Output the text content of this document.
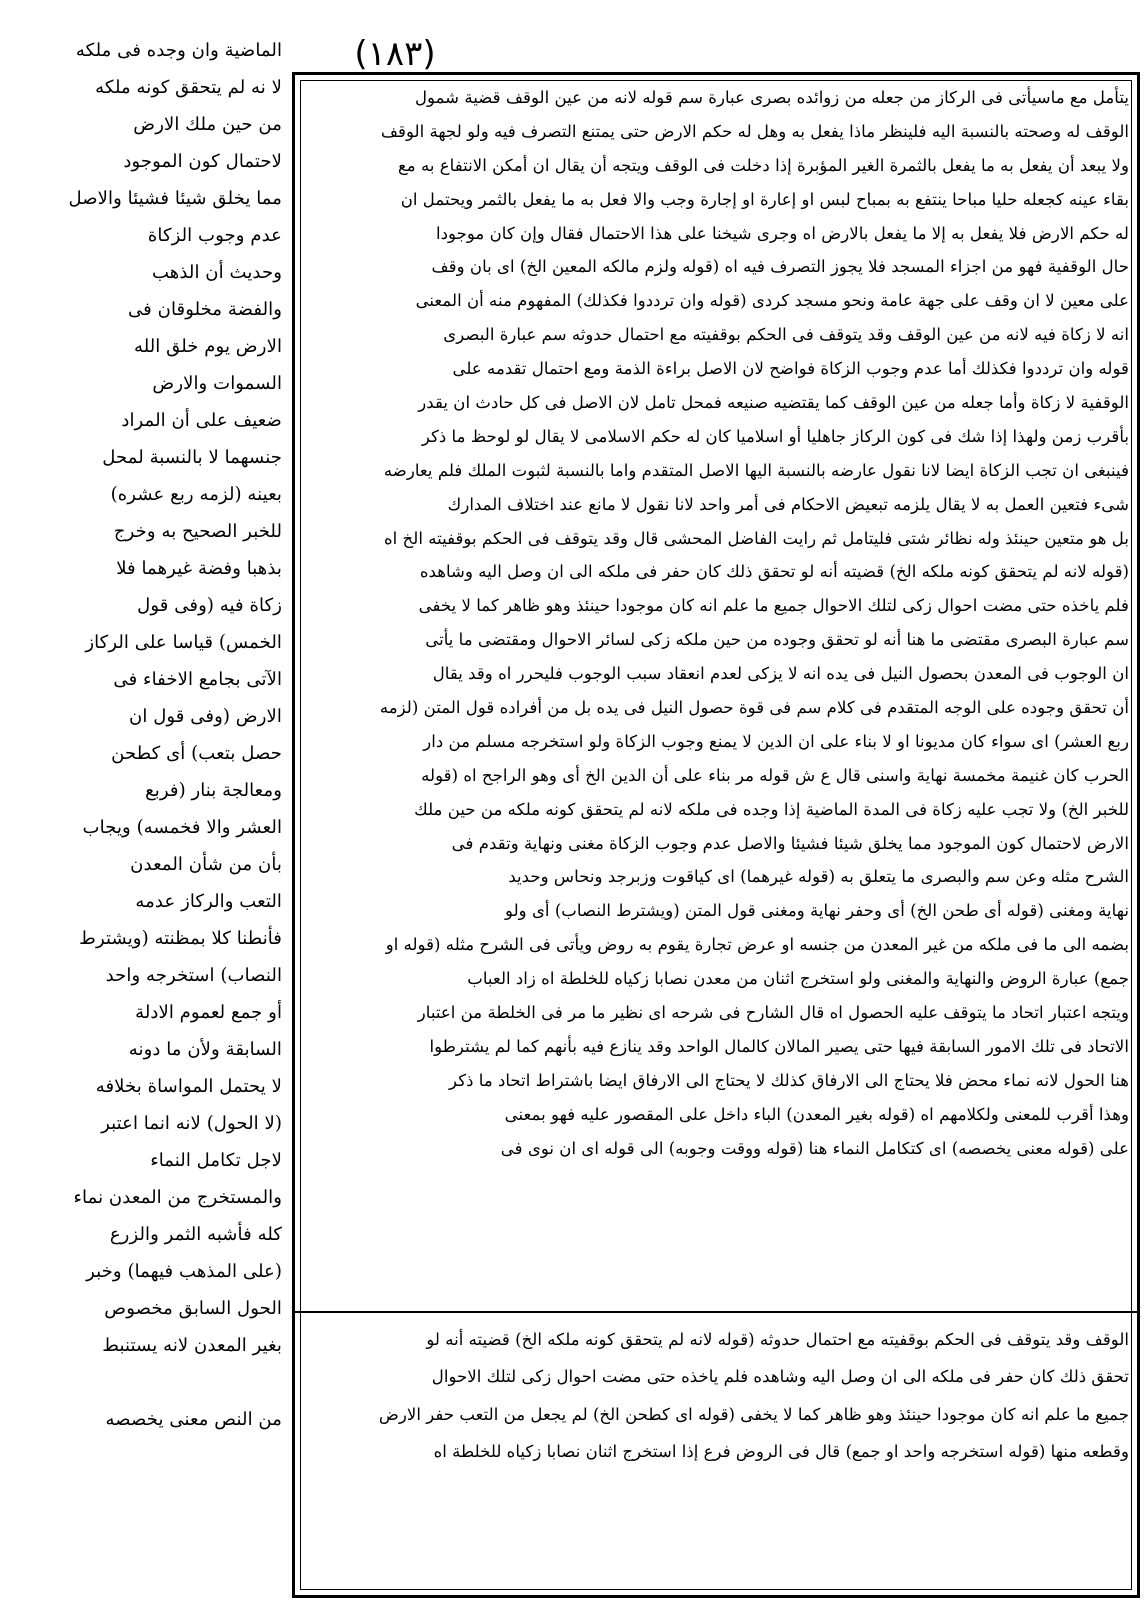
(١٨٣)
الماضية وان وجده فى ملكه
لا نه لم يتحقق كونه ملكه
من حين ملك الارض
لاحتمال كون الموجود
مما يخلق شيئا فشيئا والاصل
عدم وجوب الزكاة
وحديث أن الذهب
والفضة مخلوقان فى
الارض يوم خلق الله
السموات والارض
ضعيف على أن المراد
جنسهما لا بالنسبة لمحل
بعينه (لزمه ربع عشره)
للخبر الصحيح به وخرج
بذهبا وفضة غيرهما فلا
زكاة فيه (وفى قول
الخمس) قياسا على الركاز
الآتى بجامع الاخفاء فى
الارض (وفى قول ان
حصل بتعب) أى كطحن
ومعالجة بنار (فربع
العشر والا فخمسه) ويجاب
بأن من شأن المعدن
التعب والركاز عدمه
فأنطنا كلا بمظنته (ويشترط
النصاب) استخرجه واحد
أو جمع لعموم الادلة
السابقة ولأن ما دونه
لا يحتمل المواساة بخلافه
(لا الحول) لانه انما اعتبر
لاجل تكامل النماء
والمستخرج من المعدن نماء
كله فأشبه الثمر والزرع
(على المذهب فيهما) وخبر
الحول السابق مخصوص
بغير المعدن لانه يستنبط
من النص معنى يخصصه
يتأمل مع ماسيأتى فى الركاز من جعله من زوائده بصرى عبارة سم قوله لانه من عين الوقف قضية شمول
الوقف له وصحته بالنسبة اليه فلينظر ماذا يفعل به وهل له حكم الارض حتى يمتنع التصرف فيه ولو لجهة الوقف
ولا يبعد أن يفعل به ما يفعل بالثمرة الغير المؤبرة إذا دخلت فى الوقف ويتجه أن يقال ان أمكن الانتفاع به مع
بقاء عينه كجعله حليا مباحا ينتفع به بمباح لبس او إعارة او إجارة وجب والا فعل به ما يفعل بالثمر ويحتمل ان
له حكم الارض فلا يفعل به إلا ما يفعل بالارض اه وجرى شيخنا على هذا الاحتمال فقال وإن كان موجودا
حال الوقفية فهو من اجزاء المسجد فلا يجوز التصرف فيه اه (قوله ولزم مالكه المعين الخ) اى بان وقف
على معين لا ان وقف على جهة عامة ونحو مسجد كردى (قوله وان ترددوا فكذلك) المفهوم منه أن المعنى
انه لا زكاة فيه لانه من عين الوقف وقد يتوقف فى الحكم بوقفيته مع احتمال حدوثه سم عبارة البصرى
قوله وان ترددوا فكذلك أما عدم وجوب الزكاة فواضح لان الاصل براءة الذمة ومع احتمال تقدمه على
الوقفية لا زكاة وأما جعله من عين الوقف كما يقتضيه صنيعه فمحل تامل لان الاصل فى كل حادث ان يقدر
بأقرب زمن ولهذا إذا شك فى كون الركاز جاهليا أو اسلاميا كان له حكم الاسلامى لا يقال لو لوحظ ما ذكر
فينبغى ان تجب الزكاة ايضا لانا نقول عارضه بالنسبة اليها الاصل المتقدم واما بالنسبة لثبوت الملك فلم يعارضه
شىء فتعين العمل به لا يقال يلزمه تبعيض الاحكام فى أمر واحد لانا نقول لا مانع عند اختلاف المدارك
بل هو متعين حينئذ وله نظائر شتى فليتامل ثم رايت الفاضل المحشى قال وقد يتوقف فى الحكم بوقفيته الخ اه
(قوله لانه لم يتحقق كونه ملكه الخ) قضيته أنه لو تحقق ذلك كان حفر فى ملكه الى ان وصل اليه وشاهده
فلم ياخذه حتى مضت احوال زكى لتلك الاحوال جميع ما علم انه كان موجودا حينئذ وهو ظاهر كما لا يخفى
سم عبارة البصرى مقتضى ما هنا أنه لو تحقق وجوده من حين ملكه زكى لسائر الاحوال ومقتضى ما يأتى
ان الوجوب فى المعدن بحصول النيل فى يده انه لا يزكى لعدم انعقاد سبب الوجوب فليحرر اه وقد يقال
أن تحقق وجوده على الوجه المتقدم فى كلام سم فى قوة حصول النيل فى يده بل من أفراده قول المتن (لزمه
ربع العشر) اى سواء كان مديونا او لا بناء على ان الدين لا يمنع وجوب الزكاة ولو استخرجه مسلم من دار
الحرب كان غنيمة مخمسة نهاية واسنى قال ع ش قوله مر بناء على أن الدين الخ أى وهو الراجح اه (قوله
للخبر الخ) ولا تجب عليه زكاة فى المدة الماضية إذا وجده فى ملكه لانه لم يتحقق كونه ملكه من حين ملك
الارض لاحتمال كون الموجود مما يخلق شيئا فشيئا والاصل عدم وجوب الزكاة مغنى ونهاية وتقدم فى
الشرح مثله وعن سم والبصرى ما يتعلق به (قوله غيرهما) اى كياقوت وزبرجد ونحاس وحديد
نهاية ومغنى (قوله أى طحن الخ) أى وحفر نهاية ومغنى قول المتن (ويشترط النصاب) أى ولو
بضمه الى ما فى ملكه من غير المعدن من جنسه او عرض تجارة يقوم به روض ويأتى فى الشرح مثله (قوله او
جمع) عبارة الروض والنهاية والمغنى ولو استخرج اثنان من معدن نصابا زكياه للخلطة اه زاد العباب
ويتجه اعتبار اتحاد ما يتوقف عليه الحصول اه قال الشارح فى شرحه اى نظير ما مر فى الخلطة من اعتبار
الاتحاد فى تلك الامور السابقة فيها حتى يصير المالان كالمال الواحد وقد ينازع فيه بأنهم كما لم يشترطوا
هنا الحول لانه نماء محض فلا يحتاج الى الارفاق كذلك لا يحتاج الى الارفاق ايضا باشتراط اتحاد ما ذكر
وهذا أقرب للمعنى ولكلامهم اه (قوله بغير المعدن) الباء داخل على المقصور عليه فهو بمعنى
على (قوله معنى يخصصه) اى كتكامل النماء هنا (قوله ووقت وجوبه) الى قوله اى ان نوى فى
الوقف وقد يتوقف فى الحكم بوقفيته مع احتمال حدوثه (قوله لانه لم يتحقق كونه ملكه الخ) قضيته أنه لو
تحقق ذلك كان حفر فى ملكه الى ان وصل اليه وشاهده فلم ياخذه حتى مضت احوال زكى لتلك الاحوال
جميع ما علم انه كان موجودا حينئذ وهو ظاهر كما لا يخفى (قوله اى كطحن الخ) لم يجعل من التعب حفر الارض
وقطعه منها (قوله استخرجه واحد او جمع) قال فى الروض فرع إذا استخرج اثنان نصابا زكياه للخلطة اه
